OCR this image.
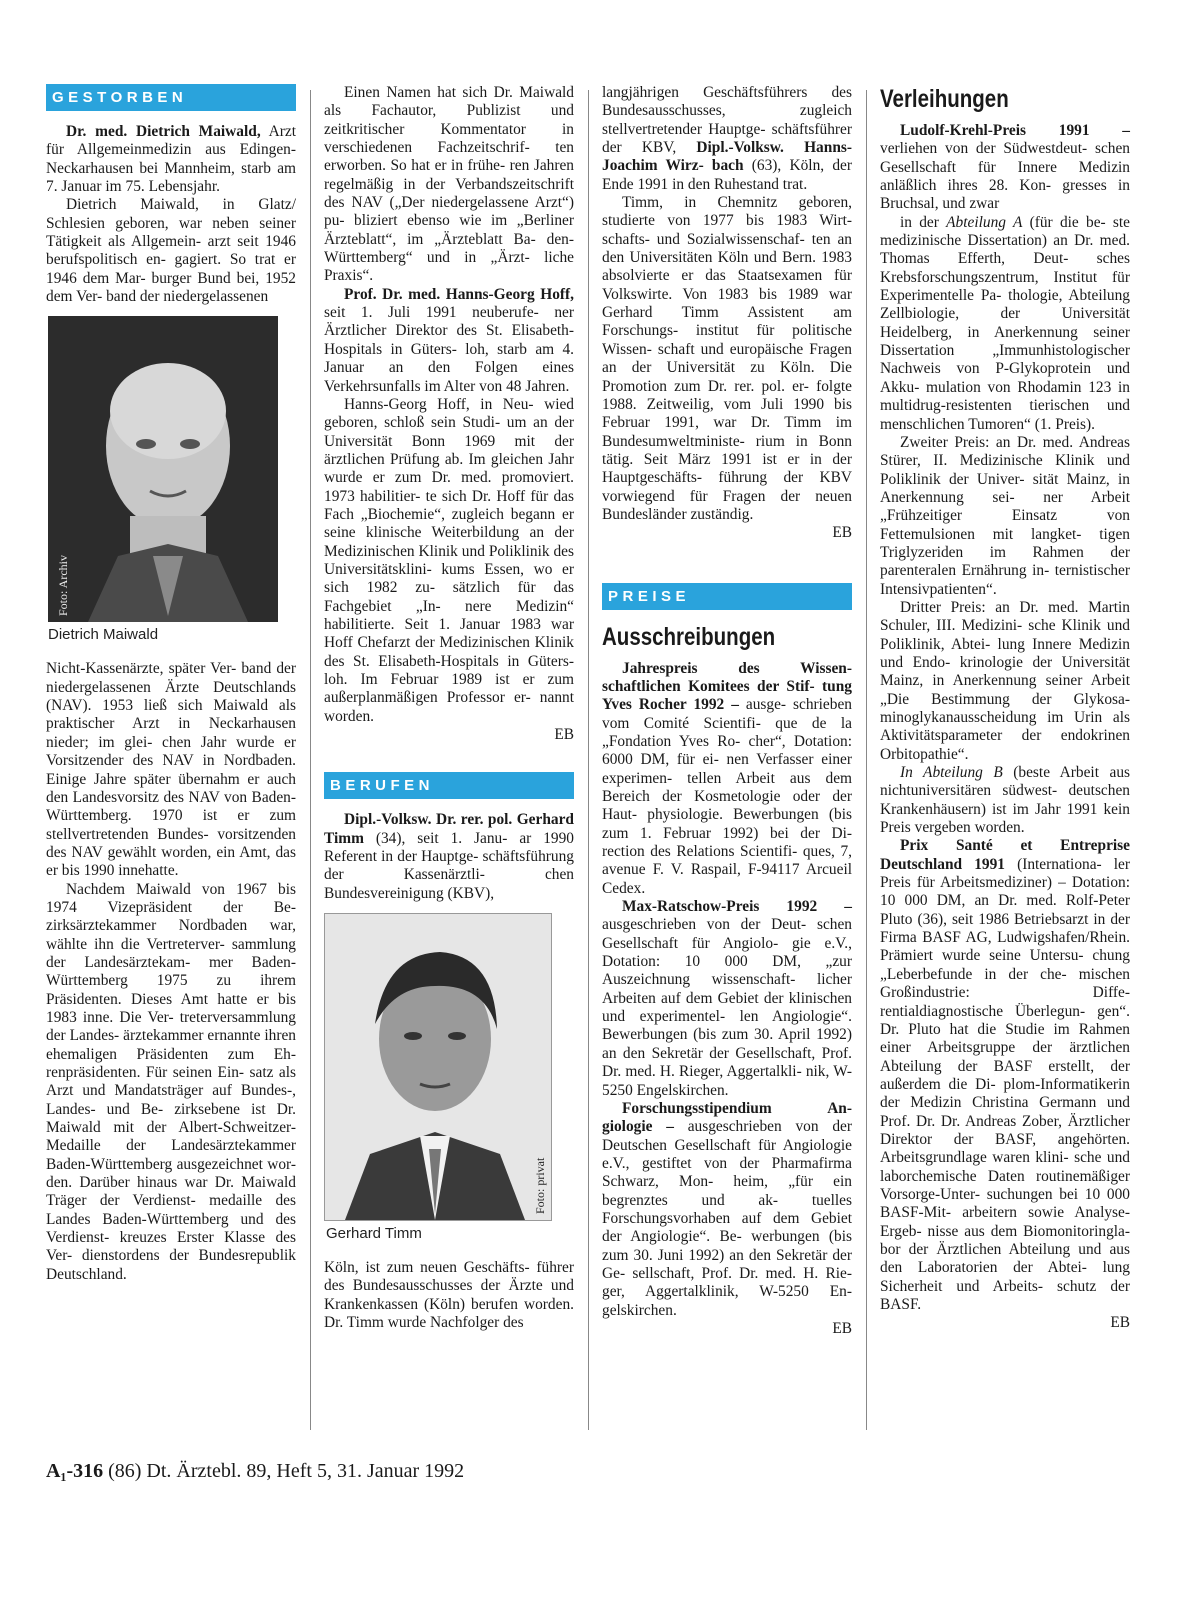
GESTORBEN

Dr. med. Dietrich Maiwald, Arzt für Allgemeinmedizin aus Edingen-Neckarhausen bei Mannheim, starb am 7. Januar im 75. Lebensjahr.

Dietrich Maiwald, in Glatz/ Schlesien geboren, war neben seiner Tätigkeit als Allgemein- arzt seit 1946 berufspolitisch en- gagiert. So trat er 1946 dem Mar- burger Bund bei, 1952 dem Ver- band der niedergelassenen

Foto: Archiv
Dietrich Maiwald

Nicht-Kassenärzte, später Ver- band der niedergelassenen Ärzte Deutschlands (NAV). 1953 ließ sich Maiwald als praktischer Arzt in Neckarhausen nieder; im glei- chen Jahr wurde er Vorsitzender des NAV in Nordbaden. Einige Jahre später übernahm er auch den Landesvorsitz des NAV von Baden-Württemberg. 1970 ist er zum stellvertretenden Bundes- vorsitzenden des NAV gewählt worden, ein Amt, das er bis 1990 innehatte.

Nachdem Maiwald von 1967 bis 1974 Vizepräsident der Be- zirksärztekammer Nordbaden war, wählte ihn die Vertreterver- sammlung der Landesärztekam- mer Baden-Württemberg 1975 zu ihrem Präsidenten. Dieses Amt hatte er bis 1983 inne. Die Ver- treterversammlung der Landes- ärztekammer ernannte ihren ehemaligen Präsidenten zum Eh- renpräsidenten. Für seinen Ein- satz als Arzt und Mandatsträger auf Bundes-, Landes- und Be- zirksebene ist Dr. Maiwald mit der Albert-Schweitzer-Medaille der Landesärztekammer Baden-Württemberg ausgezeichnet wor- den. Darüber hinaus war Dr. Maiwald Träger der Verdienst- medaille des Landes Baden-Württemberg und des Verdienst- kreuzes Erster Klasse des Ver- dienstordens der Bundesrepublik Deutschland.

Einen Namen hat sich Dr. Maiwald als Fachautor, Publizist und zeitkritischer Kommentator in verschiedenen Fachzeitschrif- ten erworben. So hat er in frühe- ren Jahren regelmäßig in der Verbandszeitschrift des NAV („Der niedergelassene Arzt“) pu- bliziert ebenso wie im „Berliner Ärzteblatt“, im „Ärzteblatt Ba- den-Württemberg“ und in „Ärzt- liche Praxis“.

Prof. Dr. med. Hanns-Georg Hoff, seit 1. Juli 1991 neuberufe- ner Ärztlicher Direktor des St. Elisabeth-Hospitals in Güters- loh, starb am 4. Januar an den Folgen eines Verkehrsunfalls im Alter von 48 Jahren.

Hanns-Georg Hoff, in Neu- wied geboren, schloß sein Studi- um an der Universität Bonn 1969 mit der ärztlichen Prüfung ab. Im gleichen Jahr wurde er zum Dr. med. promoviert. 1973 habilitier- te sich Dr. Hoff für das Fach „Biochemie“, zugleich begann er seine klinische Weiterbildung an der Medizinischen Klinik und Poliklinik des Universitätsklini- kums Essen, wo er sich 1982 zu- sätzlich für das Fachgebiet „In- nere Medizin“ habilitierte. Seit 1. Januar 1983 war Hoff Chefarzt der Medizinischen Klinik des St. Elisabeth-Hospitals in Güters- loh. Im Februar 1989 ist er zum außerplanmäßigen Professor er- nannt worden.
EB

BERUFEN

Dipl.-Volksw. Dr. rer. pol. Gerhard Timm (34), seit 1. Janu- ar 1990 Referent in der Hauptge- schäftsführung der Kassenärztli- chen Bundesvereinigung (KBV),

Foto: privat
Gerhard Timm

Köln, ist zum neuen Geschäfts- führer des Bundesausschusses der Ärzte und Krankenkassen (Köln) berufen worden. Dr. Timm wurde Nachfolger des

langjährigen Geschäftsführers des Bundesausschusses, zugleich stellvertretender Hauptge- schäftsführer der KBV, Dipl.-Volksw. Hanns-Joachim Wirz- bach (63), Köln, der Ende 1991 in den Ruhestand trat.

Timm, in Chemnitz geboren, studierte von 1977 bis 1983 Wirt- schafts- und Sozialwissenschaf- ten an den Universitäten Köln und Bern. 1983 absolvierte er das Staatsexamen für Volkswirte. Von 1983 bis 1989 war Gerhard Timm Assistent am Forschungs- institut für politische Wissen- schaft und europäische Fragen an der Universität zu Köln. Die Promotion zum Dr. rer. pol. er- folgte 1988. Zeitweilig, vom Juli 1990 bis Februar 1991, war Dr. Timm im Bundesumweltministe- rium in Bonn tätig. Seit März 1991 ist er in der Hauptgeschäfts- führung der KBV vorwiegend für Fragen der neuen Bundesländer zuständig.
EB

PREISE
Ausschreibungen

Jahrespreis des Wissen- schaftlichen Komitees der Stif- tung Yves Rocher 1992 – ausge- schrieben vom Comité Scientifi- que de la „Fondation Yves Ro- cher“, Dotation: 6000 DM, für ei- nen Verfasser einer experimen- tellen Arbeit aus dem Bereich der Kosmetologie oder der Haut- physiologie. Bewerbungen (bis zum 1. Februar 1992) bei der Di- rection des Relations Scientifi- ques, 7, avenue F. V. Raspail, F-94117 Arcueil Cedex.

Max-Ratschow-Preis 1992 – ausgeschrieben von der Deut- schen Gesellschaft für Angiolo- gie e.V., Dotation: 10 000 DM, „zur Auszeichnung wissenschaft- licher Arbeiten auf dem Gebiet der klinischen und experimentel- len Angiologie“. Bewerbungen (bis zum 30. April 1992) an den Sekretär der Gesellschaft, Prof. Dr. med. H. Rieger, Aggertalkli- nik, W-5250 Engelskirchen.

Forschungsstipendium An- giologie – ausgeschrieben von der Deutschen Gesellschaft für Angiologie e.V., gestiftet von der Pharmafirma Schwarz, Mon- heim, „für ein begrenztes und ak- tuelles Forschungsvorhaben auf dem Gebiet der Angiologie“. Be- werbungen (bis zum 30. Juni 1992) an den Sekretär der Ge- sellschaft, Prof. Dr. med. H. Rie- ger, Aggertalklinik, W-5250 En- gelskirchen.
EB

Verleihungen

Ludolf-Krehl-Preis 1991 – verliehen von der Südwestdeut- schen Gesellschaft für Innere Medizin anläßlich ihres 28. Kon- gresses in Bruchsal, und zwar

in der Abteilung A (für die be- ste medizinische Dissertation) an Dr. med. Thomas Efferth, Deut- sches Krebsforschungszentrum, Institut für Experimentelle Pa- thologie, Abteilung Zellbiologie, der Universität Heidelberg, in Anerkennung seiner Dissertation „Immunhistologischer Nachweis von P-Glykoprotein und Akku- mulation von Rhodamin 123 in multidrug-resistenten tierischen und menschlichen Tumoren“ (1. Preis).

Zweiter Preis: an Dr. med. Andreas Stürer, II. Medizinische Klinik und Poliklinik der Univer- sität Mainz, in Anerkennung sei- ner Arbeit „Frühzeitiger Einsatz von Fettemulsionen mit langket- tigen Triglyzeriden im Rahmen der parenteralen Ernährung in- ternistischer Intensivpatienten“.

Dritter Preis: an Dr. med. Martin Schuler, III. Medizini- sche Klinik und Poliklinik, Abtei- lung Innere Medizin und Endo- krinologie der Universität Mainz, in Anerkennung seiner Arbeit „Die Bestimmung der Glykosa- minoglykanausscheidung im Urin als Aktivitätsparameter der endokrinen Orbitopathie“.

In Abteilung B (beste Arbeit aus nichtuniversitären südwest- deutschen Krankenhäusern) ist im Jahr 1991 kein Preis vergeben worden.

Prix Santé et Entreprise Deutschland 1991 (Internationa- ler Preis für Arbeitsmediziner) – Dotation: 10 000 DM, an Dr. med. Rolf-Peter Pluto (36), seit 1986 Betriebsarzt in der Firma BASF AG, Ludwigshafen/Rhein. Prämiert wurde seine Untersu- chung „Leberbefunde in der che- mischen Großindustrie: Diffe- rentialdiagnostische Überlegun- gen“. Dr. Pluto hat die Studie im Rahmen einer Arbeitsgruppe der ärztlichen Abteilung der BASF erstellt, der außerdem die Di- plom-Informatikerin der Medizin Christina Germann und Prof. Dr. Dr. Andreas Zober, Ärztlicher Direktor der BASF, angehörten. Arbeitsgrundlage waren klini- sche und laborchemische Daten routinemäßiger Vorsorge-Unter- suchungen bei 10 000 BASF-Mit- arbeitern sowie Analyse-Ergeb- nisse aus dem Biomonitoringla- bor der Ärztlichen Abteilung und aus den Laboratorien der Abtei- lung Sicherheit und Arbeits- schutz der BASF.
EB

A₁-316 (86) Dt. Ärztebl. 89, Heft 5, 31. Januar 1992
